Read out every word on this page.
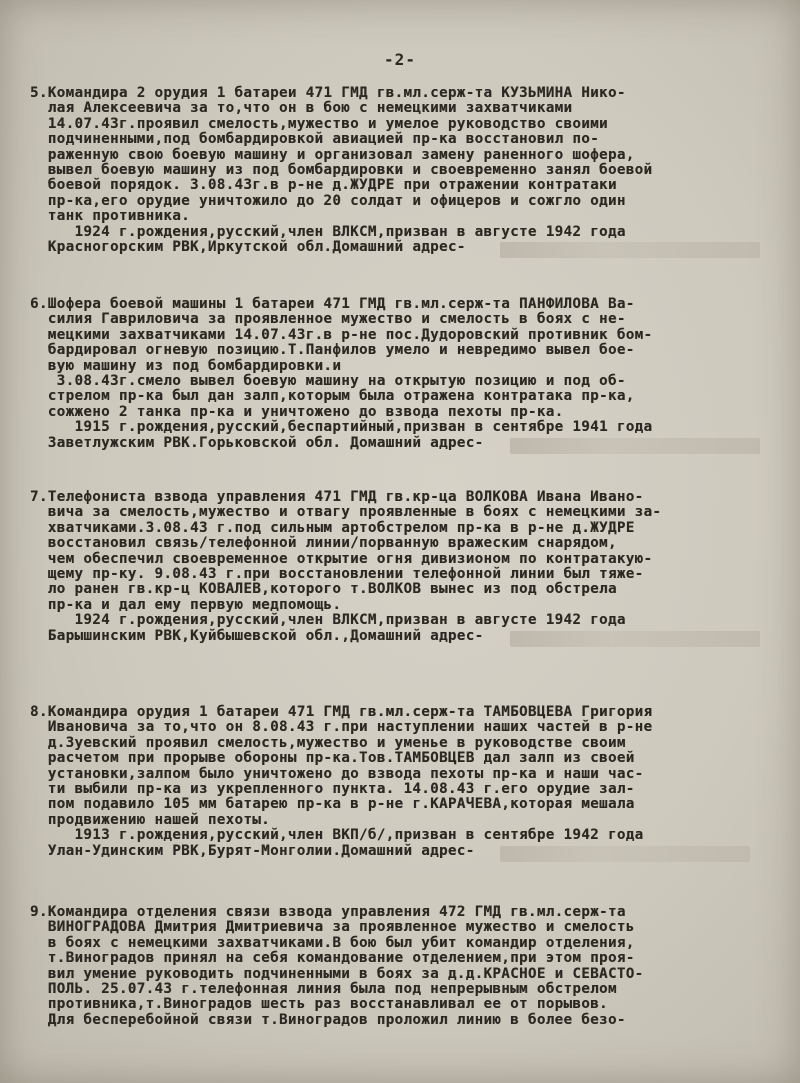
-2-
5.Командира 2 орудия 1 батареи 471 ГМД гв.мл.серж-та КУЗЬМИНА Нико-
лая Алексеевича за то,что он в бою с немецкими захватчиками
14.07.43г.проявил смелость,мужество и умелое руководство своими
подчиненными,под бомбардировкой авиацией пр-ка восстановил по-
раженную свою боевую машину и организовал замену раненного шофера,
вывел боевую машину из под бомбардировки и своевременно занял боевой
боевой порядок. 3.08.43г.в р-не д.ЖУДРЕ при отражении контратаки
пр-ка,его орудие уничтожило до 20 солдат и офицеров и сожгло один
танк противника.
1924 г.рождения,русский,член ВЛКСМ,призван в августе 1942 года
Красногорским РВК,Иркутской обл.Домашний адрес-
6.Шофера боевой машины 1 батареи 471 ГМД гв.мл.серж-та ПАНФИЛОВА Ва-
силия Гавриловича за проявленное мужество и смелость в боях с не-
мецкими захватчиками 14.07.43г.в р-не пос.Дудоровский противник бом-
бардировал огневую позицию.Т.Панфилов умело и невредимо вывел бое-
вую машину из под бомбардировки.и
3.08.43г.смело вывел боевую машину на открытую позицию и под об-
стрелом пр-ка был дан залп,которым была отражена контратака пр-ка,
сожжено 2 танка пр-ка и уничтожено до взвода пехоты пр-ка.
1915 г.рождения,русский,беспартийный,призван в сентябре 1941 года
Заветлужским РВК.Горьковской обл. Домашний адрес-
7.Телефониста взвода управления 471 ГМД гв.кр-ца ВОЛКОВА Ивана Ивано-
вича за смелость,мужество и отвагу проявленные в боях с немецкими за-
хватчиками.3.08.43 г.под сильным артобстрелом пр-ка в р-не д.ЖУДРЕ
восстановил связь/телефонной линии/порванную вражеским снарядом,
чем обеспечил своевременное открытие огня дивизионом по контратакую-
щему пр-ку. 9.08.43 г.при восстановлении телефонной линии был тяже-
ло ранен гв.кр-ц КОВАЛЕВ,которого т.ВОЛКОВ вынес из под обстрела
пр-ка и дал ему первую медпомощь.
1924 г.рождения,русский,член ВЛКСМ,призван в августе 1942 года
Барышинским РВК,Куйбышевской обл.,Домашний адрес-
8.Командира орудия 1 батареи 471 ГМД гв.мл.серж-та ТАМБОВЦЕВА Григория
Ивановича за то,что он 8.08.43 г.при наступлении наших частей в р-не
д.Зуевский проявил смелость,мужество и уменье в руководстве своим
расчетом при прорыве обороны пр-ка.Тов.ТАМБОВЦЕВ дал залп из своей
установки,залпом было уничтожено до взвода пехоты пр-ка и наши час-
ти выбили пр-ка из укрепленного пункта. 14.08.43 г.его орудие зал-
пом подавило 105 мм батарею пр-ка в р-не г.КАРАЧЕВА,которая мешала
продвижению нашей пехоты.
1913 г.рождения,русский,член ВКП/б/,призван в сентябре 1942 года
Улан-Удинским РВК,Бурят-Монголии.Домашний адрес-
9.Командира отделения связи взвода управления 472 ГМД гв.мл.серж-та
ВИНОГРАДОВА Дмитрия Дмитриевича за проявленное мужество и смелость
в боях с немецкими захватчиками.В бою был убит командир отделения,
т.Виноградов принял на себя командование отделением,при этом проя-
вил умение руководить подчиненными в боях за д.д.КРАСНОЕ и СЕВАСТО-
ПОЛЬ. 25.07.43 г.телефонная линия была под непрерывным обстрелом
противника,т.Виноградов шесть раз восстанавливал ее от порывов.
Для бесперебойной связи т.Виноградов проложил линию в более безо-
